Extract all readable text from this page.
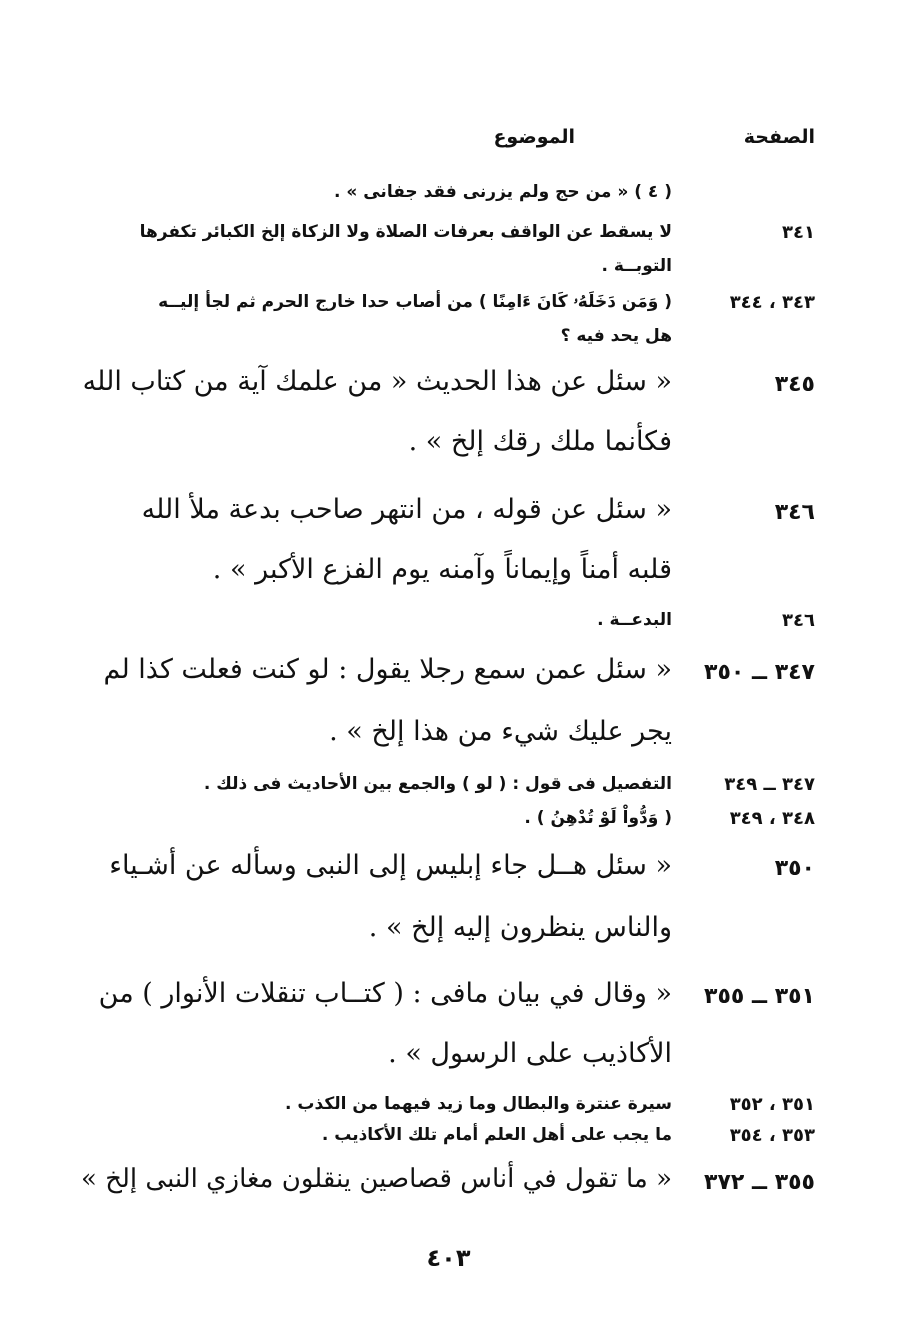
الصفحة
الموضوع
( ٤ ) « من حج ولم يزرنى فقد جفانى » .
٣٤١
لا يسقط عن الواقف بعرفات الصلاة ولا الزكاة إلخ الكبائر تكفرها
التوبــة .
٣٤٣ ، ٣٤٤
( وَمَن دَخَلَهُۥ كَانَ ءَامِنًا ) من أصاب حدا خارج الحرم ثم لجأ إليــه
هل يحد فيه ؟
٣٤٥
« سئل عن هذا الحديث « من علمك آية من كتاب الله
فكأنما ملك رقك إلخ » .
٣٤٦
« سئل عن قوله ، من انتهر صاحب بدعة ملأ الله
قلبه أمناً وإيماناً وآمنه يوم الفزع الأكبر » .
٣٤٦
البدعــة .
٣٤٧ ــ ٣٥٠
« سئل عمن سمع رجلا يقول : لو كنت فعلت كذا لم
يجر عليك شيء من هذا إلخ » .
٣٤٧ ــ ٣٤٩
التفصيل فى قول : ( لو ) والجمع بين الأحاديث فى ذلك .
٣٤٨ ، ٣٤٩
( وَدُّواْ لَوْ تُدْهِنُ ) .
٣٥٠
« سئل هــل جاء إبليس إلى النبى وسأله عن أشـياء
والناس ينظرون إليه إلخ » .
٣٥١ ــ ٣٥٥
« وقال في بيان مافى : ( كتــاب تنقلات الأنوار ) من
الأكاذيب على الرسول » .
٣٥١ ، ٣٥٢
سيرة عنترة والبطال وما زيد فيهما من الكذب .
٣٥٣ ، ٣٥٤
ما يجب على أهل العلم أمام تلك الأكاذيب .
٣٥٥ ــ ٣٧٢
« ما تقول في أناس قصاصين ينقلون مغازي النبى إلخ »
٤٠٣
